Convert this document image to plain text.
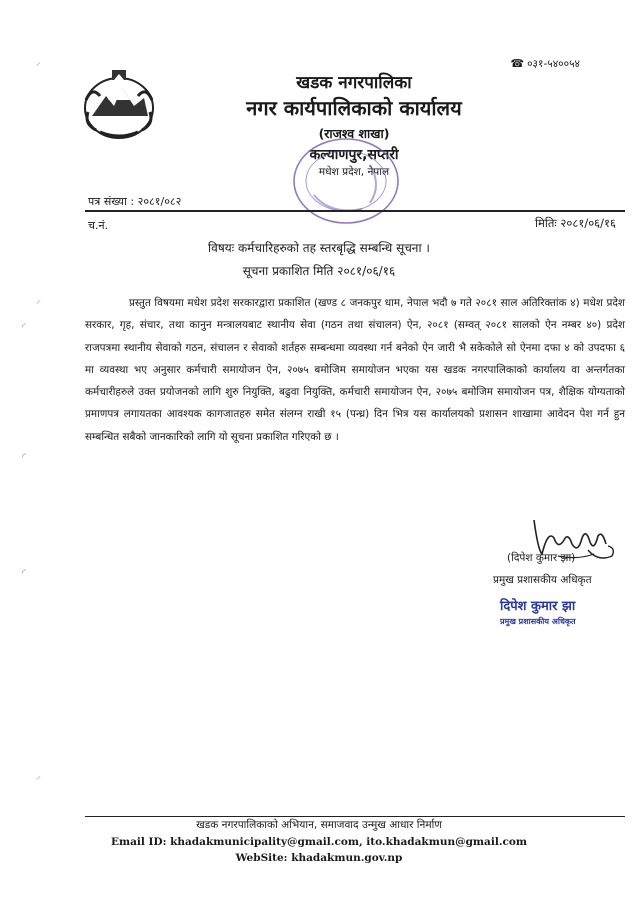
⸝
⸝
◜
◜
◜
⸝
☎ ०३१-५४००५४
खडक नगरपालिका
नगर कार्यपालिकाको कार्यालय
(राजश्व शाखा)
कल्याणपुर,सप्तरी
मधेश प्रदेश, नेपाल
पत्र संख्या : २०८१/०८२
च.नं.	मितिः २०८१/०६/१६
विषयः कर्मचारिहरुको तह स्तरबृद्धि सम्बन्धि सूचना ।
सूचना प्रकाशित मिति २०८१/०६/१६

प्रस्तुत विषयमा मधेश प्रदेश सरकारद्वारा प्रकाशित (खण्ड ८ जनकपुर धाम, नेपाल भदौ ७ गते २०८१ साल अतिरिक्तांक ४) मधेश प्रदेश सरकार, गृह, संचार, तथा कानुन मन्त्रालयबाट स्थानीय सेवा (गठन तथा संचालन) ऐन, २०८१ (सम्वत् २०८१ सालको ऐन नम्बर ४०) प्रदेश राजपत्रमा स्थानीय सेवाको गठन, संचालन र सेवाको शर्तहरु सम्बन्धमा व्यवस्था गर्न बनेको ऐन जारी भै सकेकोले सो ऐनमा दफा ४ को उपदफा ६ मा व्यवस्था भए अनुसार कर्मचारी समायोजन ऐन, २०७५ बमोजिम समायोजन भएका यस खडक नगरपालिकाको कार्यालय वा अन्तर्गतका कर्मचारीहरुले उक्त प्रयोजनको लागि शुरु नियुक्ति, बढुवा नियुक्ति, कर्मचारी समायोजन ऐन, २०७५ बमोजिम समायोजन पत्र, शैक्षिक योग्यताको प्रमाणपत्र लगायतका आवश्यक कागजातहरु समेत संलग्न राखी १५ (पन्ध्र) दिन भित्र यस कार्यालयको प्रशासन शाखामा आवेदन पेश गर्न हुन सम्बन्धित सबैको जानकारिको लागि यो सूचना प्रकाशित गरिएको छ ।

(दिपेश कुमार झा)
प्रमुख प्रशासकीय अधिकृत
दिपेश कुमार झा
प्रमुख प्रशासकीय अधिकृत
खडक नगरपालिकाको अभियान, समाजवाद उन्मुख आधार निर्माण
Email ID: khadakmunicipality@gmail.com, ito.khadakmun@gmail.com
WebSite: khadakmun.gov.np
